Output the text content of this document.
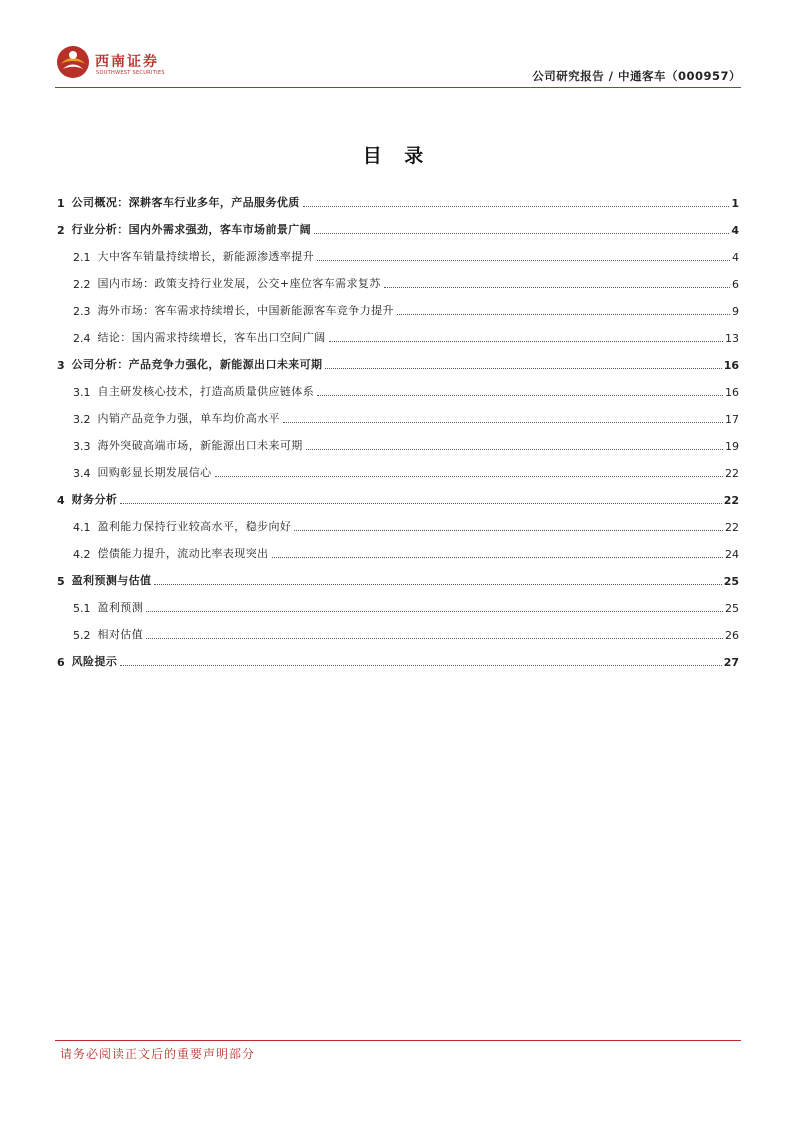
西南证券
SOUTHWEST SECURITIES	公司研究报告 / 中通客车（000957）
目 录
1 公司概况：深耕客车行业多年，产品服务优质	1
2 行业分析：国内外需求强劲，客车市场前景广阔	4
2.1 大中客车销量持续增长，新能源渗透率提升	4
2.2 国内市场：政策支持行业发展，公交+座位客车需求复苏	6
2.3 海外市场：客车需求持续增长，中国新能源客车竞争力提升	9
2.4 结论：国内需求持续增长，客车出口空间广阔	13
3 公司分析：产品竞争力强化，新能源出口未来可期	16
3.1 自主研发核心技术，打造高质量供应链体系	16
3.2 内销产品竞争力强，单车均价高水平	17
3.3 海外突破高端市场，新能源出口未来可期	19
3.4 回购彰显长期发展信心	22
4 财务分析	22
4.1 盈利能力保持行业较高水平，稳步向好	22
4.2 偿债能力提升，流动比率表现突出	24
5 盈利预测与估值	25
5.1 盈利预测	25
5.2 相对估值	26
6 风险提示	27
请务必阅读正文后的重要声明部分
